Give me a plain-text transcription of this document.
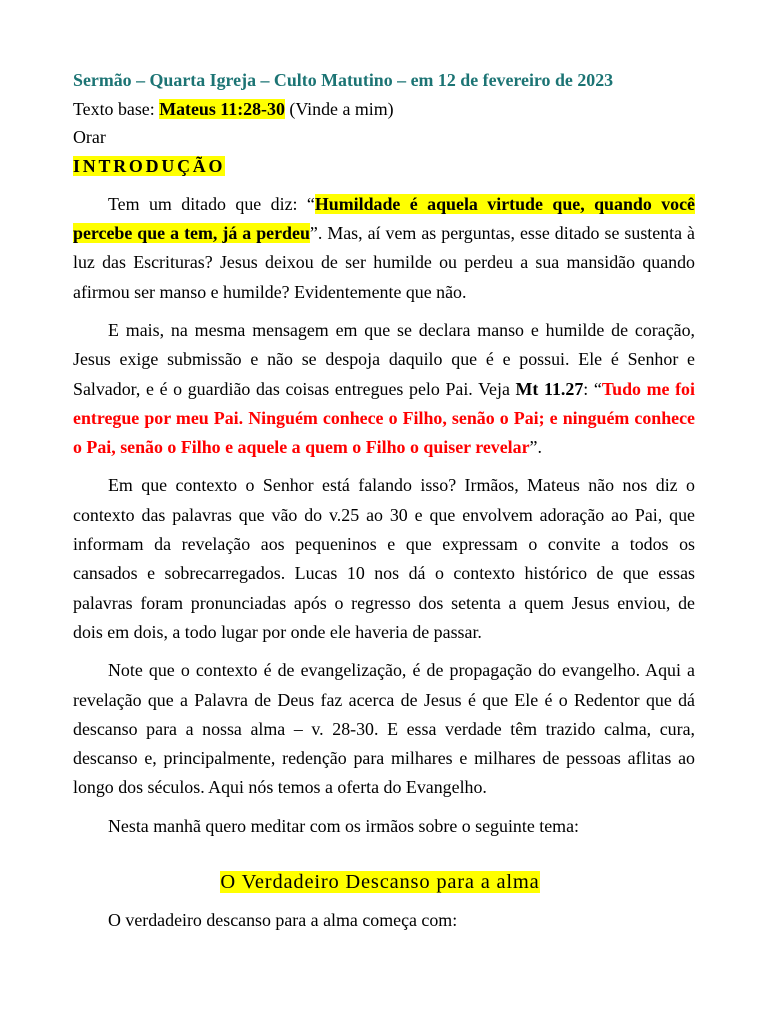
Sermão – Quarta Igreja – Culto Matutino – em 12 de fevereiro de 2023
Texto base: Mateus 11:28-30 (Vinde a mim)
Orar
INTRODUÇÃO
Tem um ditado que diz: “Humildade é aquela virtude que, quando você
percebe que a tem, já a perdeu”. Mas, aí vem as perguntas, esse ditado se sustenta à
luz das Escrituras? Jesus deixou de ser humilde ou perdeu a sua mansidão quando
afirmou ser manso e humilde? Evidentemente que não.
E mais, na mesma mensagem em que se declara manso e humilde de coração,
Jesus exige submissão e não se despoja daquilo que é e possui. Ele é Senhor e
Salvador, e é o guardião das coisas entregues pelo Pai. Veja Mt 11.27: “Tudo me foi
entregue por meu Pai. Ninguém conhece o Filho, senão o Pai; e ninguém conhece
o Pai, senão o Filho e aquele a quem o Filho o quiser revelar”.
Em que contexto o Senhor está falando isso? Irmãos, Mateus não nos diz o
contexto das palavras que vão do v.25 ao 30 e que envolvem adoração ao Pai, que
informam da revelação aos pequeninos e que expressam o convite a todos os
cansados e sobrecarregados. Lucas 10 nos dá o contexto histórico de que essas
palavras foram pronunciadas após o regresso dos setenta a quem Jesus enviou, de
dois em dois, a todo lugar por onde ele haveria de passar.
Note que o contexto é de evangelização, é de propagação do evangelho. Aqui a
revelação que a Palavra de Deus faz acerca de Jesus é que Ele é o Redentor que dá
descanso para a nossa alma – v. 28-30. E essa verdade têm trazido calma, cura,
descanso e, principalmente, redenção para milhares e milhares de pessoas aflitas ao
longo dos séculos. Aqui nós temos a oferta do Evangelho.
Nesta manhã quero meditar com os irmãos sobre o seguinte tema:
O Verdadeiro Descanso para a alma
O verdadeiro descanso para a alma começa com:
